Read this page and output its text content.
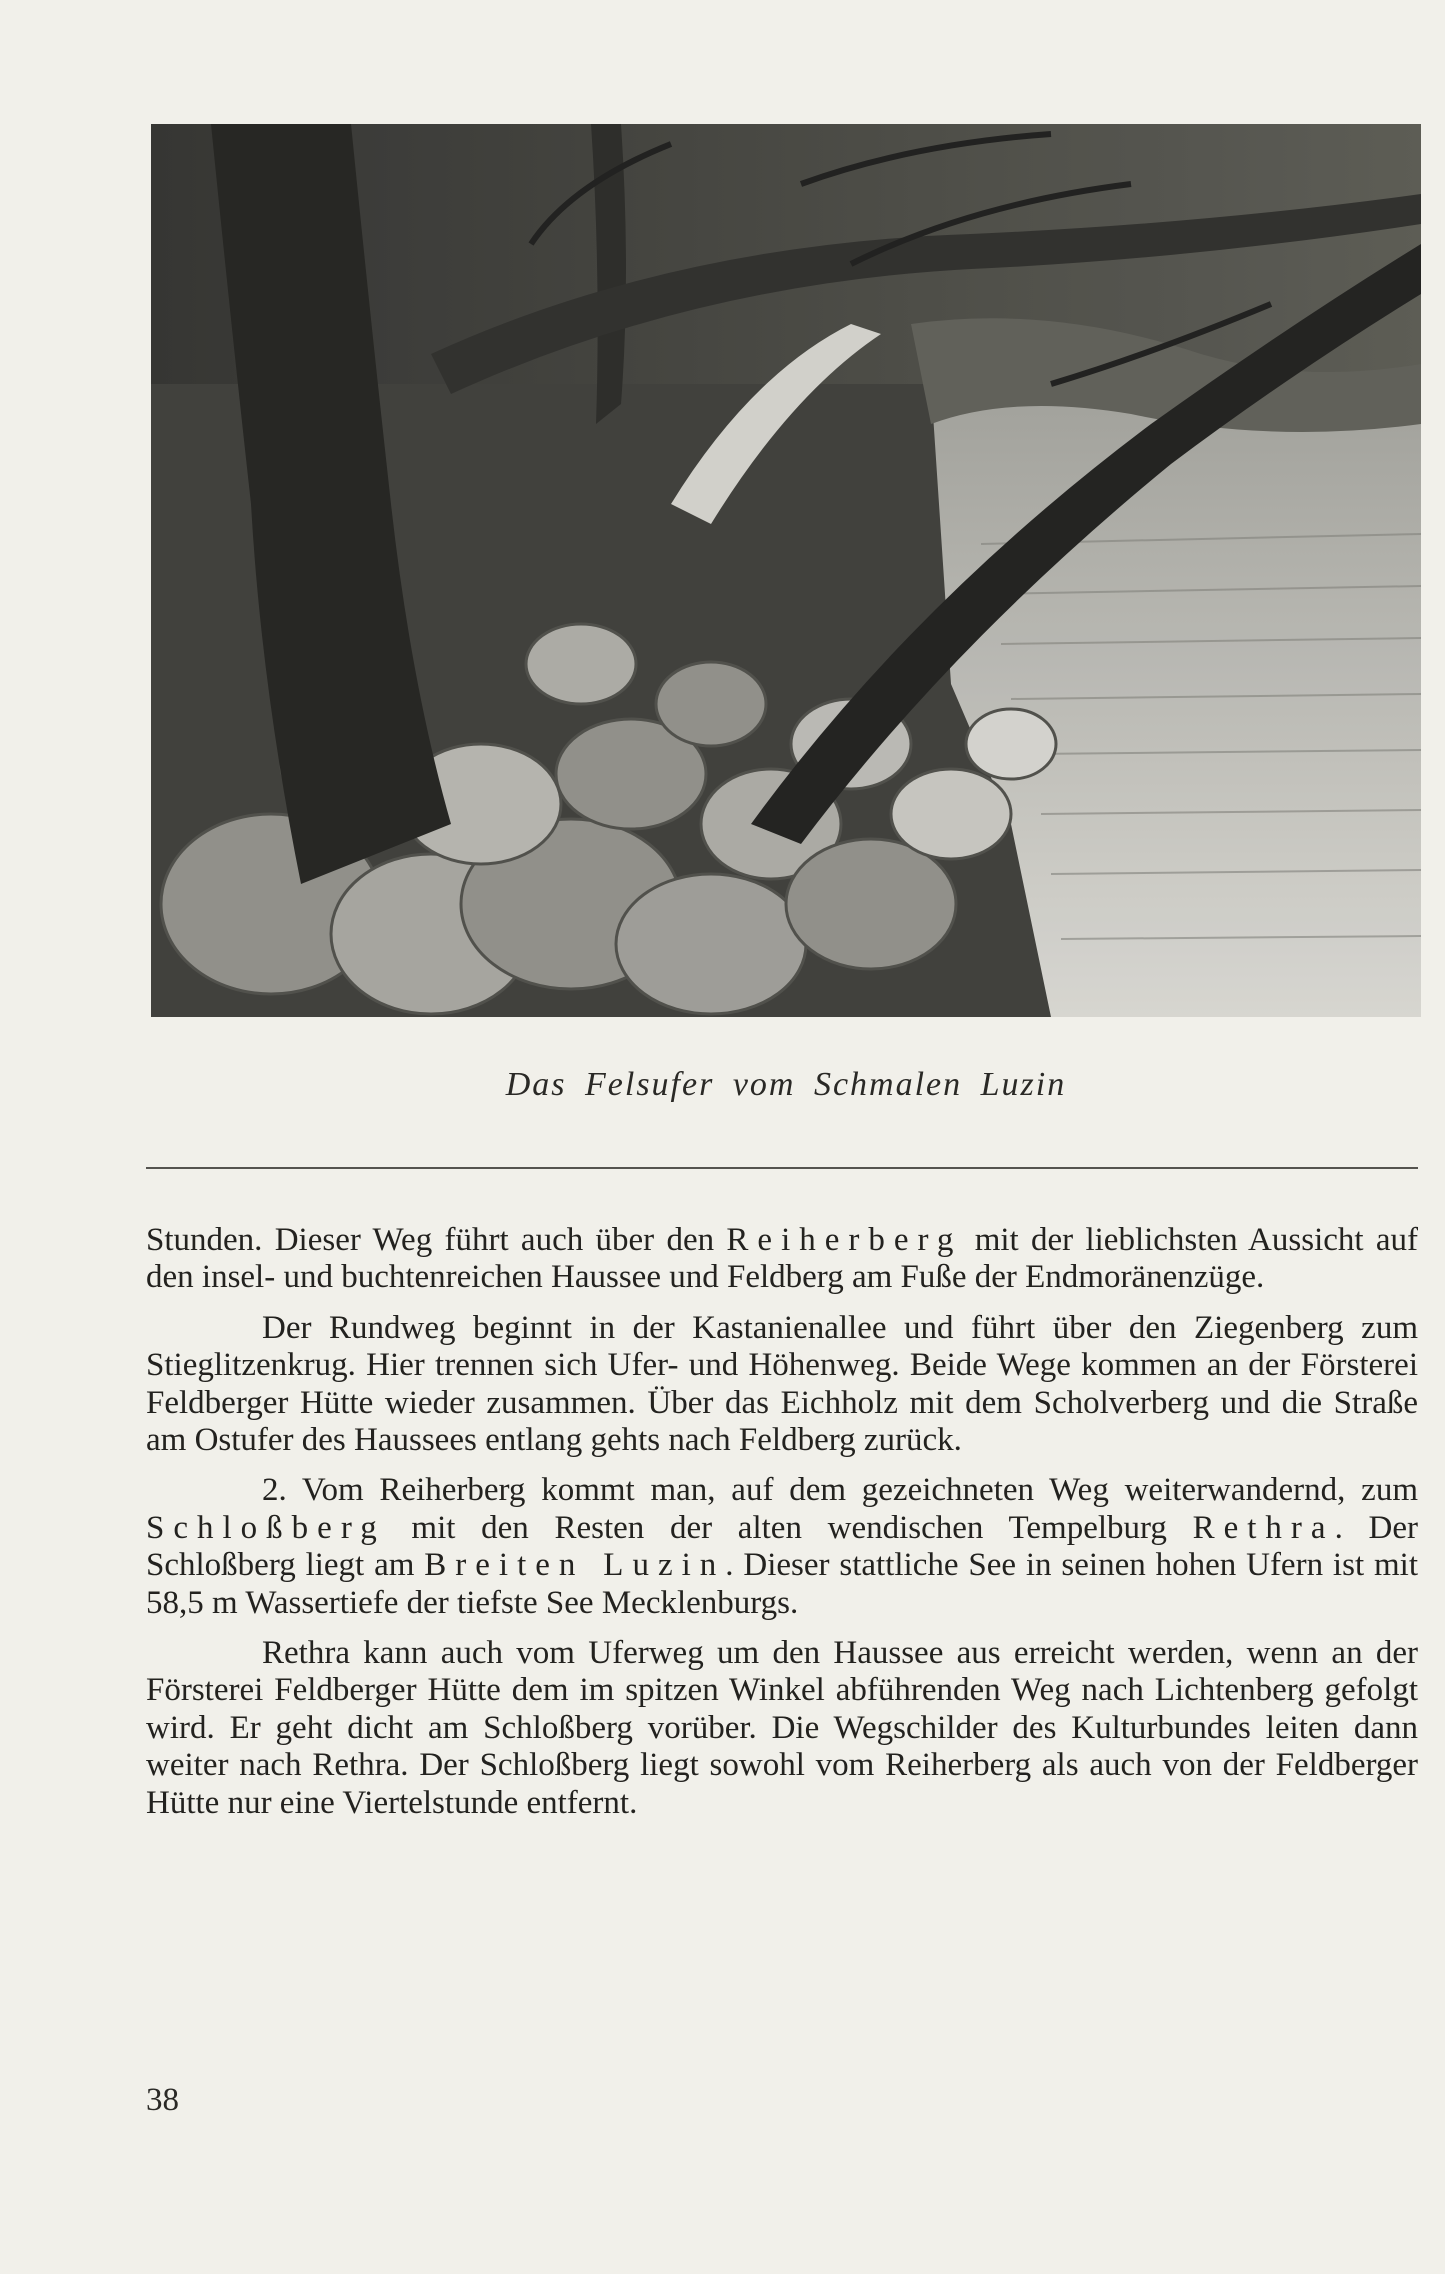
Das Felsufer vom Schmalen Luzin

Stunden. Dieser Weg führt auch über den Reiherberg mit der lieblichsten Aussicht auf den insel- und buchtenreichen Haussee und Feldberg am Fuße der Endmoränenzüge.

Der Rundweg beginnt in der Kastanienallee und führt über den Ziegenberg zum Stieglitzenkrug. Hier trennen sich Ufer- und Höhenweg. Beide Wege kommen an der Försterei Feldberger Hütte wieder zusammen. Über das Eichholz mit dem Scholverberg und die Straße am Ostufer des Haussees entlang gehts nach Feldberg zurück.

2. Vom Reiherberg kommt man, auf dem gezeichneten Weg weiterwandernd, zum Schloßberg mit den Resten der alten wendischen Tempelburg Rethra. Der Schloßberg liegt am Breiten Luzin. Dieser stattliche See in seinen hohen Ufern ist mit 58,5 m Wassertiefe der tiefste See Mecklenburgs.

Rethra kann auch vom Uferweg um den Haussee aus erreicht werden, wenn an der Försterei Feldberger Hütte dem im spitzen Winkel abführenden Weg nach Lichtenberg gefolgt wird. Er geht dicht am Schloßberg vorüber. Die Wegschilder des Kulturbundes leiten dann weiter nach Rethra. Der Schloßberg liegt sowohl vom Reiherberg als auch von der Feldberger Hütte nur eine Viertelstunde entfernt.

38
